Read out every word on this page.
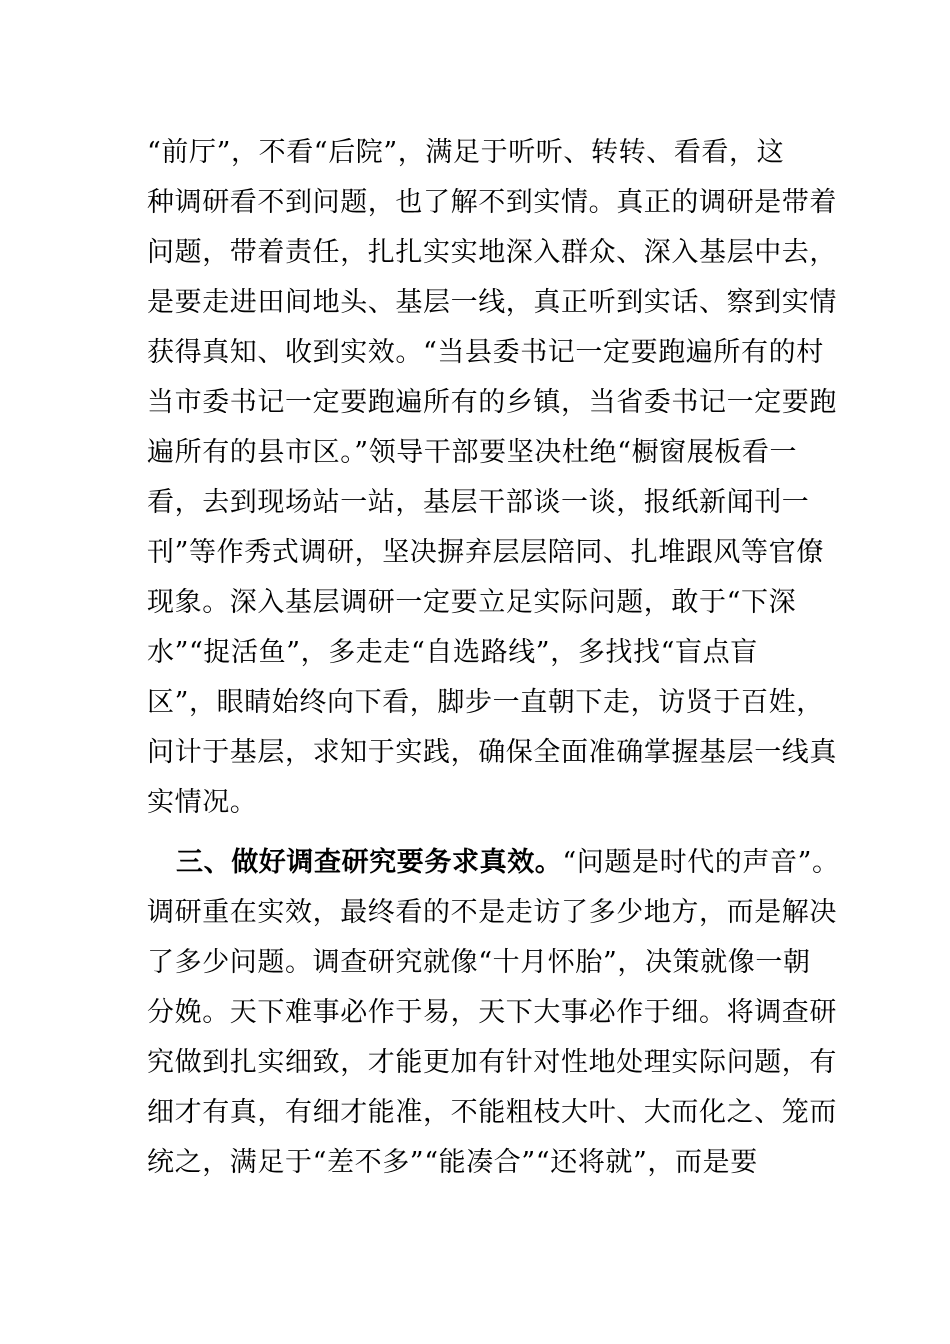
“前厅”，不看“后院”，满足于听听、转转、看看，这
种调研看不到问题，也了解不到实情。真正的调研是带着
问题，带着责任，扎扎实实地深入群众、深入基层中去，
是要走进田间地头、基层一线，真正听到实话、察到实情
获得真知、收到实效。“当县委书记一定要跑遍所有的村
当市委书记一定要跑遍所有的乡镇，当省委书记一定要跑
遍所有的县市区。”领导干部要坚决杜绝“橱窗展板看一
看，去到现场站一站，基层干部谈一谈，报纸新闻刊一
刊”等作秀式调研，坚决摒弃层层陪同、扎堆跟风等官僚
现象。深入基层调研一定要立足实际问题，敢于“下深
水”“捉活鱼”，多走走“自选路线”，多找找“盲点盲
区”，眼睛始终向下看，脚步一直朝下走，访贤于百姓，
问计于基层，求知于实践，确保全面准确掌握基层一线真
实情况。
三、做好调查研究要务求真效。“问题是时代的声音”。
调研重在实效，最终看的不是走访了多少地方，而是解决
了多少问题。调查研究就像“十月怀胎”，决策就像一朝
分娩。天下难事必作于易，天下大事必作于细。将调查研
究做到扎实细致，才能更加有针对性地处理实际问题，有
细才有真，有细才能准，不能粗枝大叶、大而化之、笼而
统之，满足于“差不多”“能凑合”“还将就”，而是要
